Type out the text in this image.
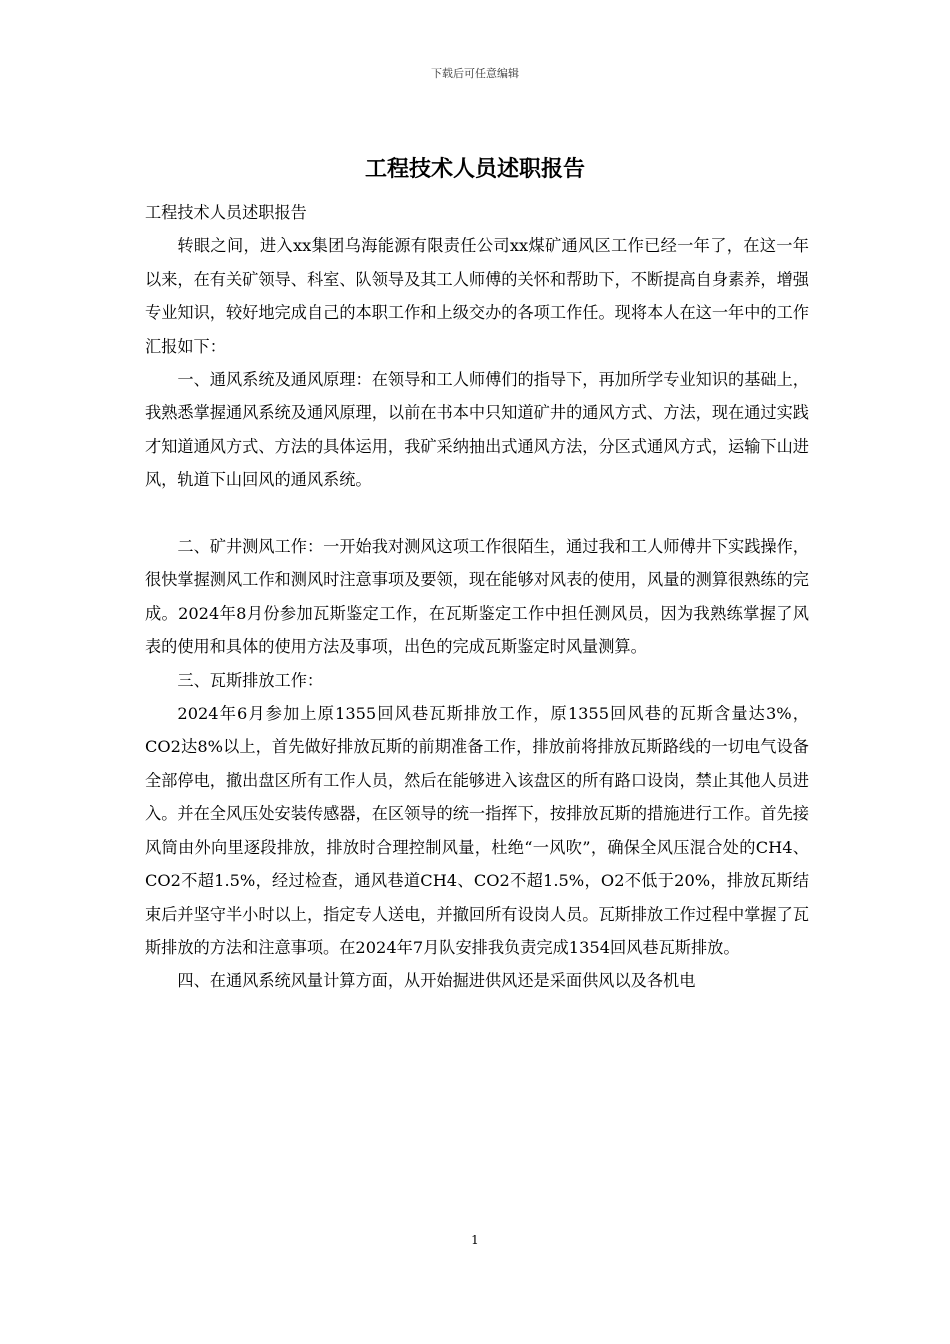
下载后可任意编辑
工程技术人员述职报告

工程技术人员述职报告

转眼之间，进入xx集团乌海能源有限责任公司xx煤矿通风区工作已经一年了，在这一年以来，在有关矿领导、科室、队领导及其工人师傅的关怀和帮助下，不断提高自身素养，增强专业知识，较好地完成自己的本职工作和上级交办的各项工作任。现将本人在这一年中的工作汇报如下：

一、通风系统及通风原理：在领导和工人师傅们的指导下，再加所学专业知识的基础上，我熟悉掌握通风系统及通风原理，以前在书本中只知道矿井的通风方式、方法，现在通过实践才知道通风方式、方法的具体运用，我矿采纳抽出式通风方法，分区式通风方式，运输下山进风，轨道下山回风的通风系统。

二、矿井测风工作：一开始我对测风这项工作很陌生，通过我和工人师傅井下实践操作，很快掌握测风工作和测风时注意事项及要领，现在能够对风表的使用，风量的测算很熟练的完成。2024年8月份参加瓦斯鉴定工作，在瓦斯鉴定工作中担任测风员，因为我熟练掌握了风表的使用和具体的使用方法及事项，出色的完成瓦斯鉴定时风量测算。

三、瓦斯排放工作：

2024年6月参加上原1355回风巷瓦斯排放工作，原1355回风巷的瓦斯含量达3%，CO2达8%以上，首先做好排放瓦斯的前期准备工作，排放前将排放瓦斯路线的一切电气设备全部停电，撤出盘区所有工作人员，然后在能够进入该盘区的所有路口设岗，禁止其他人员进入。并在全风压处安装传感器，在区领导的统一指挥下，按排放瓦斯的措施进行工作。首先接风筒由外向里逐段排放，排放时合理控制风量，杜绝“一风吹”，确保全风压混合处的CH4、CO2不超1.5%，经过检查，通风巷道CH4、CO2不超1.5%，O2不低于20%，排放瓦斯结束后并坚守半小时以上，指定专人送电，并撤回所有设岗人员。瓦斯排放工作过程中掌握了瓦斯排放的方法和注意事项。在2024年7月队安排我负责完成1354回风巷瓦斯排放。

四、在通风系统风量计算方面，从开始掘进供风还是采面供风以及各机电

1
